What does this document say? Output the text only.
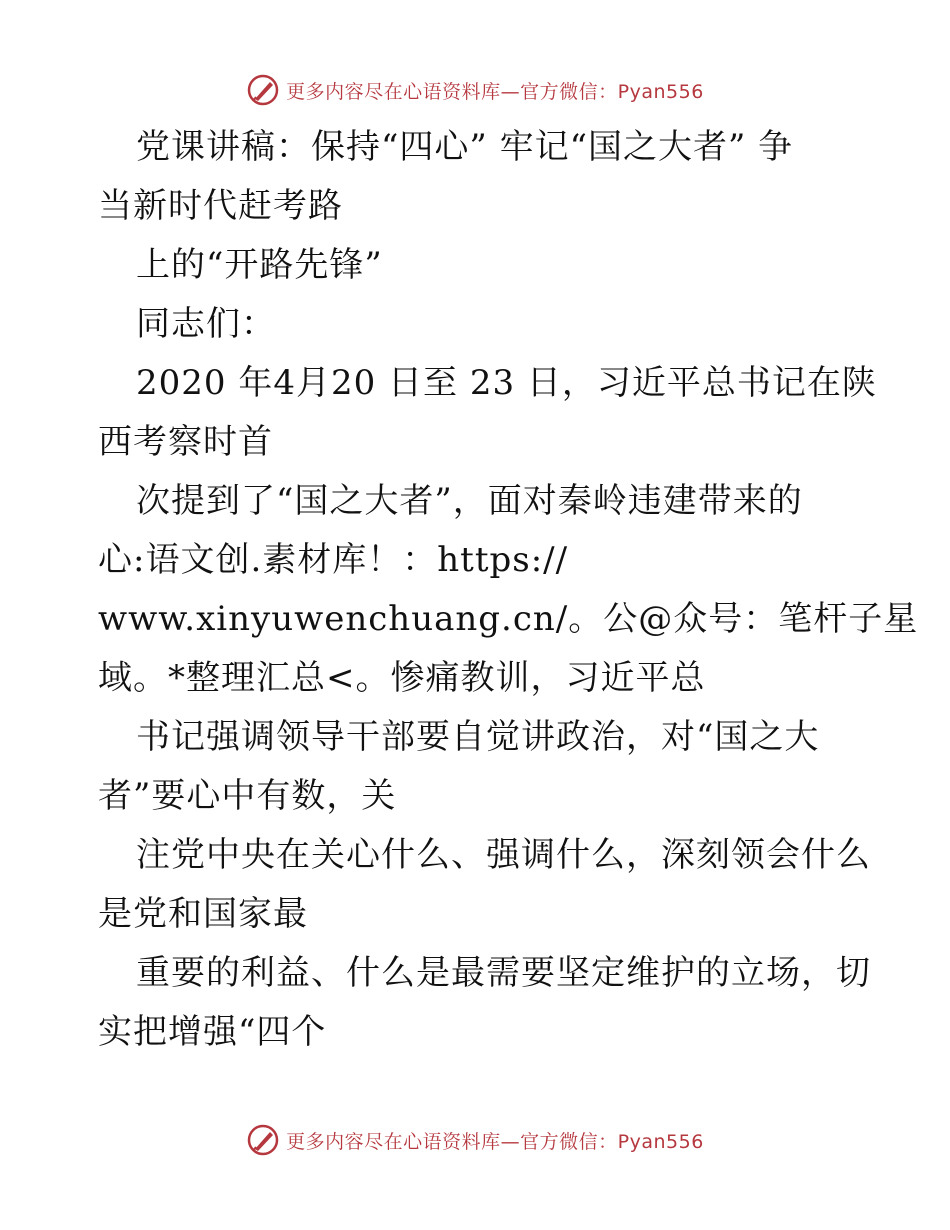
更多内容尽在心语资料库—官方微信：Pyan556
党课讲稿：保持“四心” 牢记“国之大者” 争
当新时代赶考路
上的“开路先锋”
同志们：
2020 年4月20 日至 23 日，习近平总书记在陕
西考察时首
次提到了“国之大者”，面对秦岭违建带来的
心:语文创.素材库！：https://
www.xinyuwenchuang.cn/。公@众号：笔杆子星
域。*整理汇总<。惨痛教训，习近平总
书记强调领导干部要自觉讲政治，对“国之大
者”要心中有数，关
注党中央在关心什么、强调什么，深刻领会什么
是党和国家最
重要的利益、什么是最需要坚定维护的立场，切
实把增强“四个
更多内容尽在心语资料库—官方微信：Pyan556
